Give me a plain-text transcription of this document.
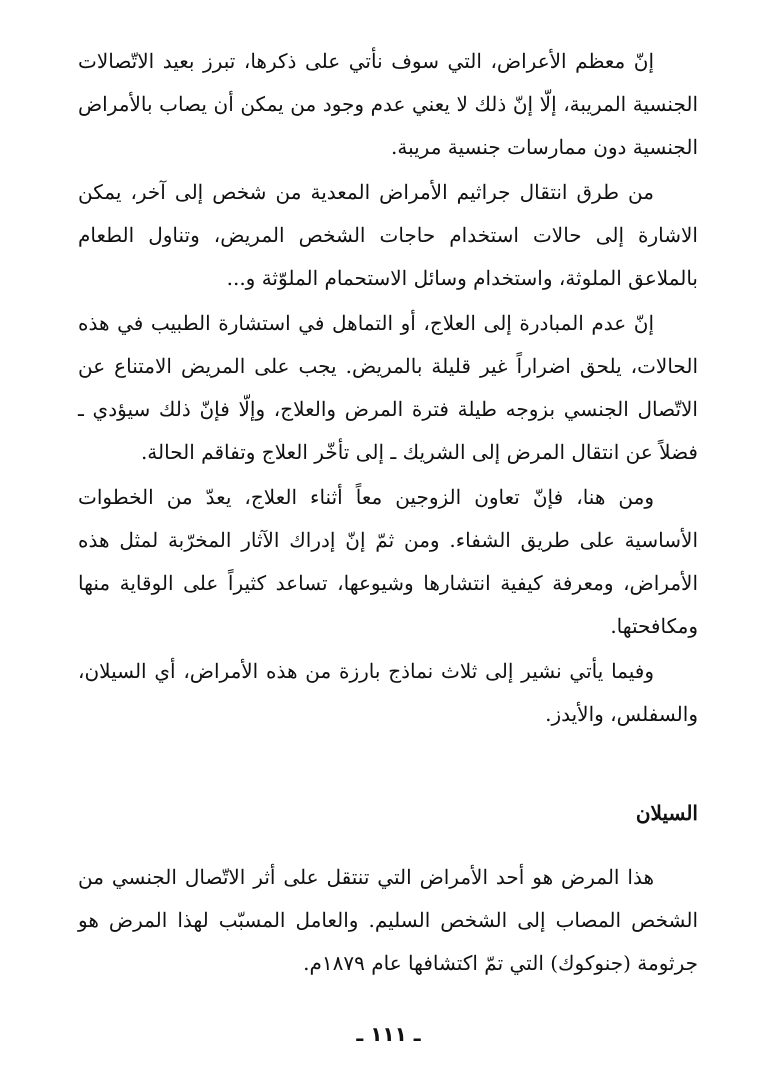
إنّ معظم الأعراض، التي سوف نأتي على ذكرها، تبرز بعيد الاتّصالات الجنسية المريبة، إلّا إنّ ذلك لا يعني عدم وجود من يمكن أن يصاب بالأمراض الجنسية دون ممارسات جنسية مريبة.

من طرق انتقال جراثيم الأمراض المعدية من شخص إلى آخر، يمكن الاشارة إلى حالات استخدام حاجات الشخص المريض، وتناول الطعام بالملاعق الملوثة، واستخدام وسائل الاستحمام الملوّثة و...

إنّ عدم المبادرة إلى العلاج، أو التماهل في استشارة الطبيب في هذه الحالات، يلحق اضراراً غير قليلة بالمريض. يجب على المريض الامتناع عن الاتّصال الجنسي بزوجه طيلة فترة المرض والعلاج، وإلّا فإنّ ذلك سيؤدي ـ فضلاً عن انتقال المرض إلى الشريك ـ إلى تأخّر العلاج وتفاقم الحالة.

ومن هنا، فإنّ تعاون الزوجين معاً أثناء العلاج، يعدّ من الخطوات الأساسية على طريق الشفاء. ومن ثمّ إنّ إدراك الآثار المخرّبة لمثل هذه الأمراض، ومعرفة كيفية انتشارها وشيوعها، تساعد كثيراً على الوقاية منها ومكافحتها.

وفيما يأتي نشير إلى ثلاث نماذج بارزة من هذه الأمراض، أي السيلان، والسفلس، والأيدز.

السيلان

هذا المرض هو أحد الأمراض التي تنتقل على أثر الاتّصال الجنسي من الشخص المصاب إلى الشخص السليم. والعامل المسبّب لهذا المرض هو جرثومة (جنوكوك) التي تمّ اكتشافها عام ١٨٧٩م.

ـ ١١١ ـ
